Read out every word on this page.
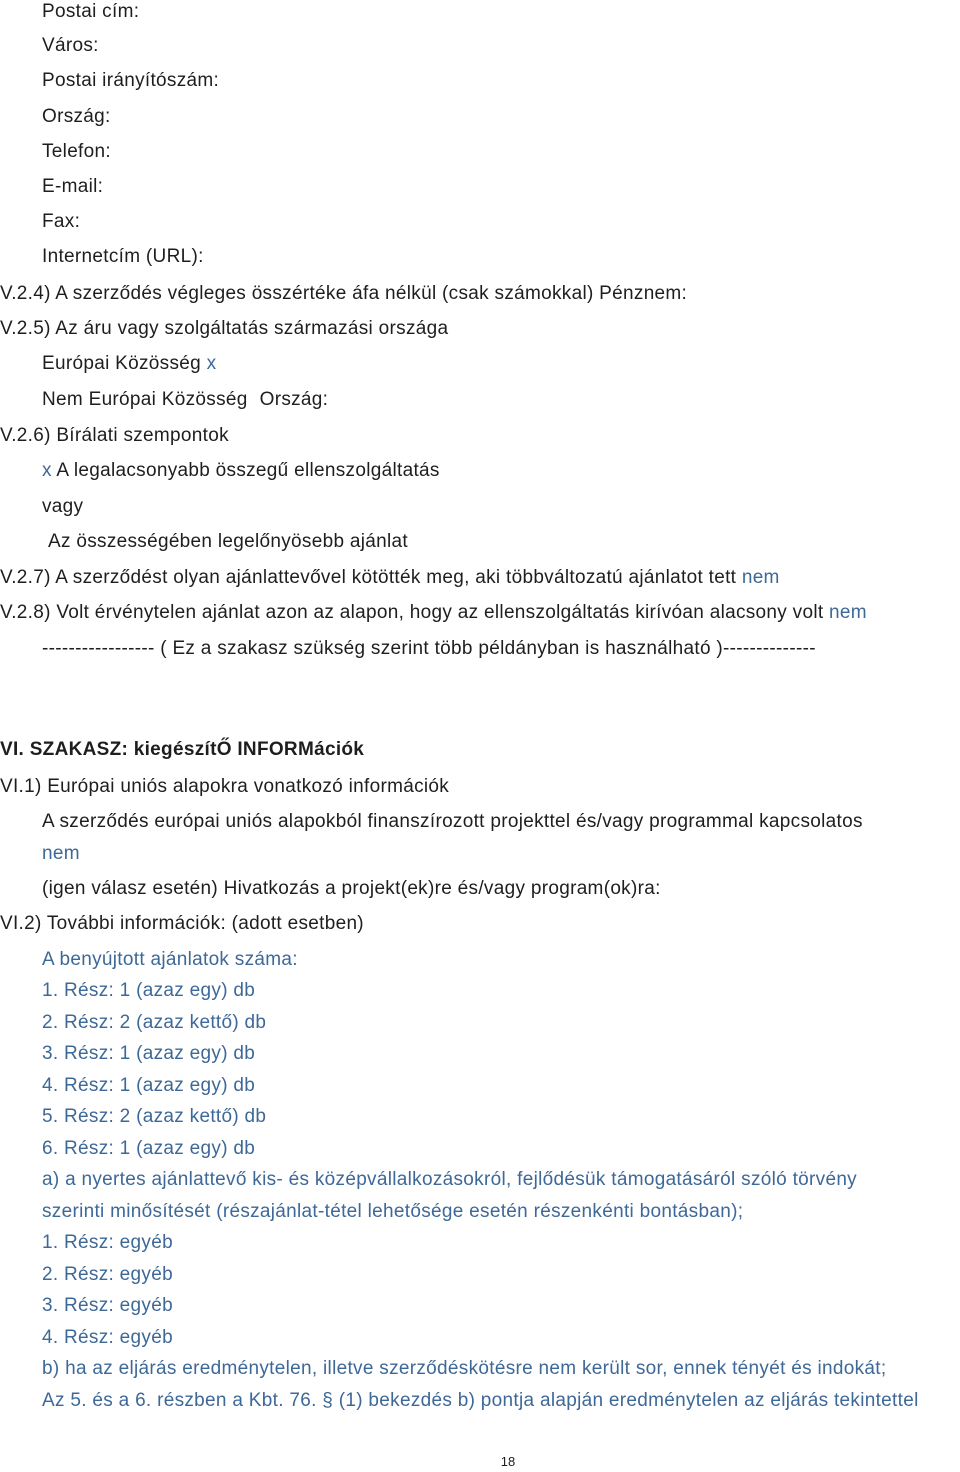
Postai cím:
Város:
Postai irányítószám:
Ország:
Telefon:
E-mail:
Fax:
Internetcím (URL):
V.2.4) A szerződés végleges összértéke áfa nélkül (csak számokkal) Pénznem:
V.2.5) Az áru vagy szolgáltatás származási országa
Európai Közösség x
Nem Európai Közösség Ország:
V.2.6) Bírálati szempontok
x A legalacsonyabb összegű ellenszolgáltatás
vagy
Az összességében legelőnyösebb ajánlat
V.2.7) A szerződést olyan ajánlattevővel kötötték meg, aki többváltozatú ajánlatot tett nem
V.2.8) Volt érvénytelen ajánlat azon az alapon, hogy az ellenszolgáltatás kirívóan alacsony volt nem
----------------- ( Ez a szakasz szükség szerint több példányban is használható )--------------
VI. SZAKASZ: kiegészítŐ INFORMációk
VI.1) Európai uniós alapokra vonatkozó információk
A szerződés európai uniós alapokból finanszírozott projekttel és/vagy programmal kapcsolatos
nem
(igen válasz esetén) Hivatkozás a projekt(ek)re és/vagy program(ok)ra:
VI.2) További információk: (adott esetben)
A benyújtott ajánlatok száma:
1. Rész: 1 (azaz egy) db
2. Rész: 2 (azaz kettő) db
3. Rész: 1 (azaz egy) db
4. Rész: 1 (azaz egy) db
5. Rész: 2 (azaz kettő) db
6. Rész: 1 (azaz egy) db
a) a nyertes ajánlattevő kis- és középvállalkozásokról, fejlődésük támogatásáról szóló törvény
szerinti minősítését (részajánlat-tétel lehetősége esetén részenkénti bontásban);
1. Rész: egyéb
2. Rész: egyéb
3. Rész: egyéb
4. Rész: egyéb
b) ha az eljárás eredménytelen, illetve szerződéskötésre nem került sor, ennek tényét és indokát;
Az 5. és a 6. részben a Kbt. 76. § (1) bekezdés b) pontja alapján eredménytelen az eljárás tekintettel
18
